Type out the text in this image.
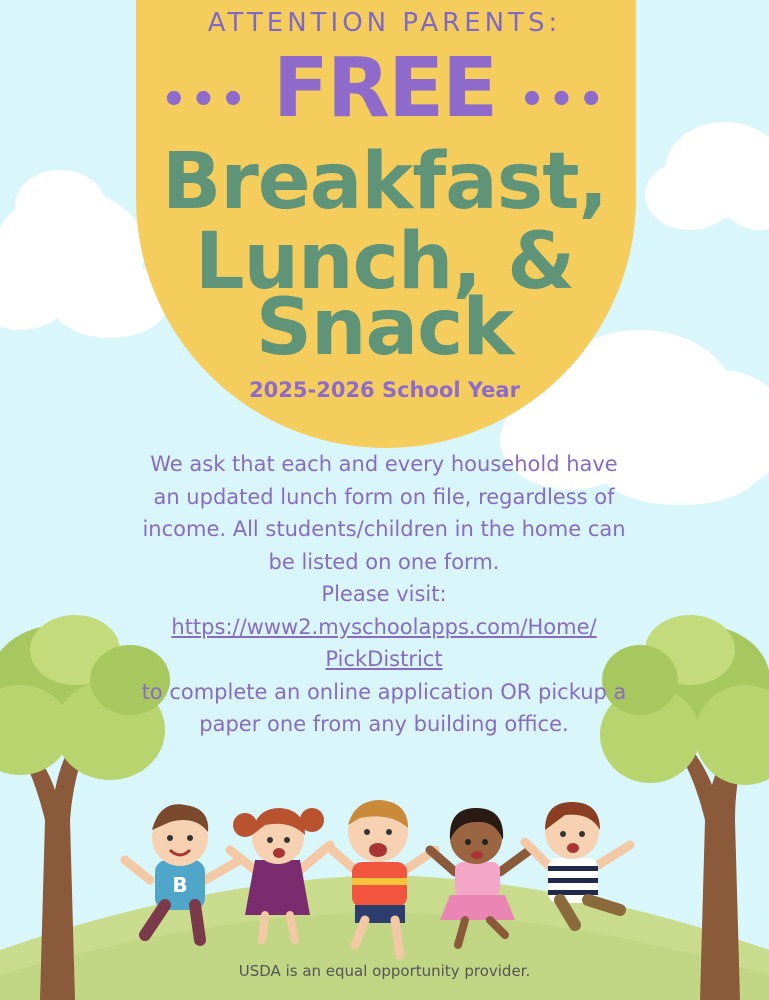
B
ATTENTION PARENTS:
••• FREE •••
Breakfast,
Lunch, &
Snack
2025-2026 School Year

We ask that each and every household have an updated lunch form on file, regardless of income. All students/children in the home can be listed on one form.

Please visit:

https://www2.myschoolapps.com/Home/
PickDistrict

to complete an online application OR pickup a paper one from any building office.

USDA is an equal opportunity provider.
